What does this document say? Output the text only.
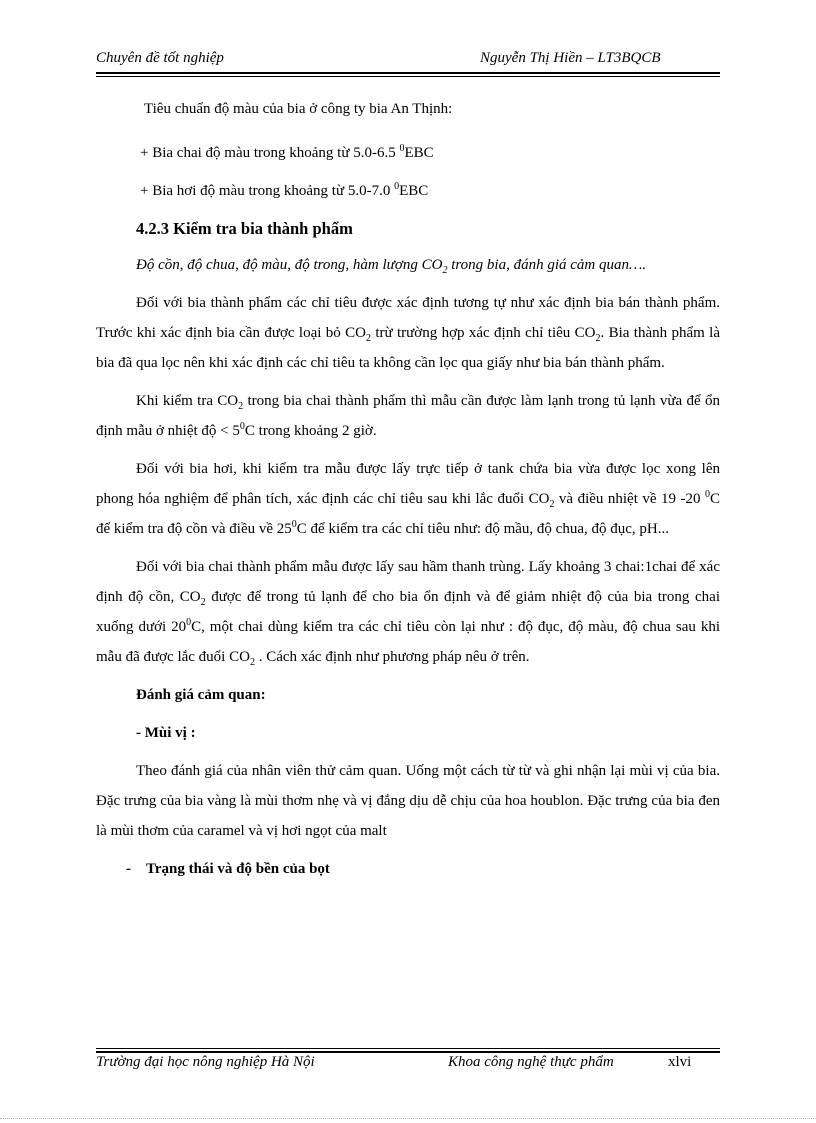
Chuyên đề tốt nghiệp	Nguyễn Thị Hiền – LT3BQCB

Tiêu chuẩn độ màu của bia ở công ty bia An Thịnh:

+ Bia chai độ màu trong khoảng từ 5.0-6.5 $^0$EBC

+ Bia hơi độ màu trong khoảng từ 5.0-7.0 $^0$EBC

4.2.3 Kiểm tra bia thành phẩm

Độ cồn, độ chua, độ màu, độ trong, hàm lượng $CO_2$ trong bia, đánh giá cảm quan….

Đối với bia thành phẩm các chỉ tiêu được xác định tương tự như xác định bia bán thành phẩm. Trước khi xác định bia cần được loại bỏ $CO_2$ trừ trường hợp xác định chỉ tiêu $CO_2$. Bia thành phẩm là bia đã qua lọc nên khi xác định các chỉ tiêu ta không cần lọc qua giấy như bia bán thành phẩm.

Khi kiểm tra $CO_2$ trong bia chai thành phẩm thì mẫu cần được làm lạnh trong tủ lạnh vừa để ổn định mẫu ở nhiệt độ < $5^0C$ trong khoảng 2 giờ.

Đối với bia hơi, khi kiểm tra mẫu được lấy trực tiếp ở tank chứa bia vừa được lọc xong lên phong hóa nghiệm để phân tích, xác định các chỉ tiêu sau khi lắc đuổi $CO_2$ và điều nhiệt về 19 -20 $^0$C để kiểm tra độ cồn và điều về $25^0C$ để kiểm tra các chỉ tiêu như: độ mầu, độ chua, độ đục, pH...

Đối với bia chai thành phẩm mẫu được lấy sau hầm thanh trùng. Lấy khoảng 3 chai:1chai để xác định độ cồn, $CO_2$ được để trong tủ lạnh để cho bia ổn định và để giảm nhiệt độ của bia trong chai xuống dưới $20^0C$, một chai dùng kiểm tra các chỉ tiêu còn lại như : độ đục, độ màu, độ chua sau khi mẫu đã được lắc đuổi $CO_2$ . Cách xác định như phương pháp nêu ở trên.

Đánh giá cảm quan:

- Mùi vị :

Theo đánh giá của nhân viên thử cảm quan. Uống một cách từ từ và ghi nhận lại mùi vị của bia. Đặc trưng của bia vàng là mùi thơm nhẹ và vị đắng dịu dễ chịu của hoa houblon. Đặc trưng của bia đen là mùi thơm của caramel và vị hơi ngọt của malt

- Trạng thái và độ bền của bọt

Trường đại học nông nghiệp Hà Nội	Khoa công nghệ thực phẩm	xlvi
